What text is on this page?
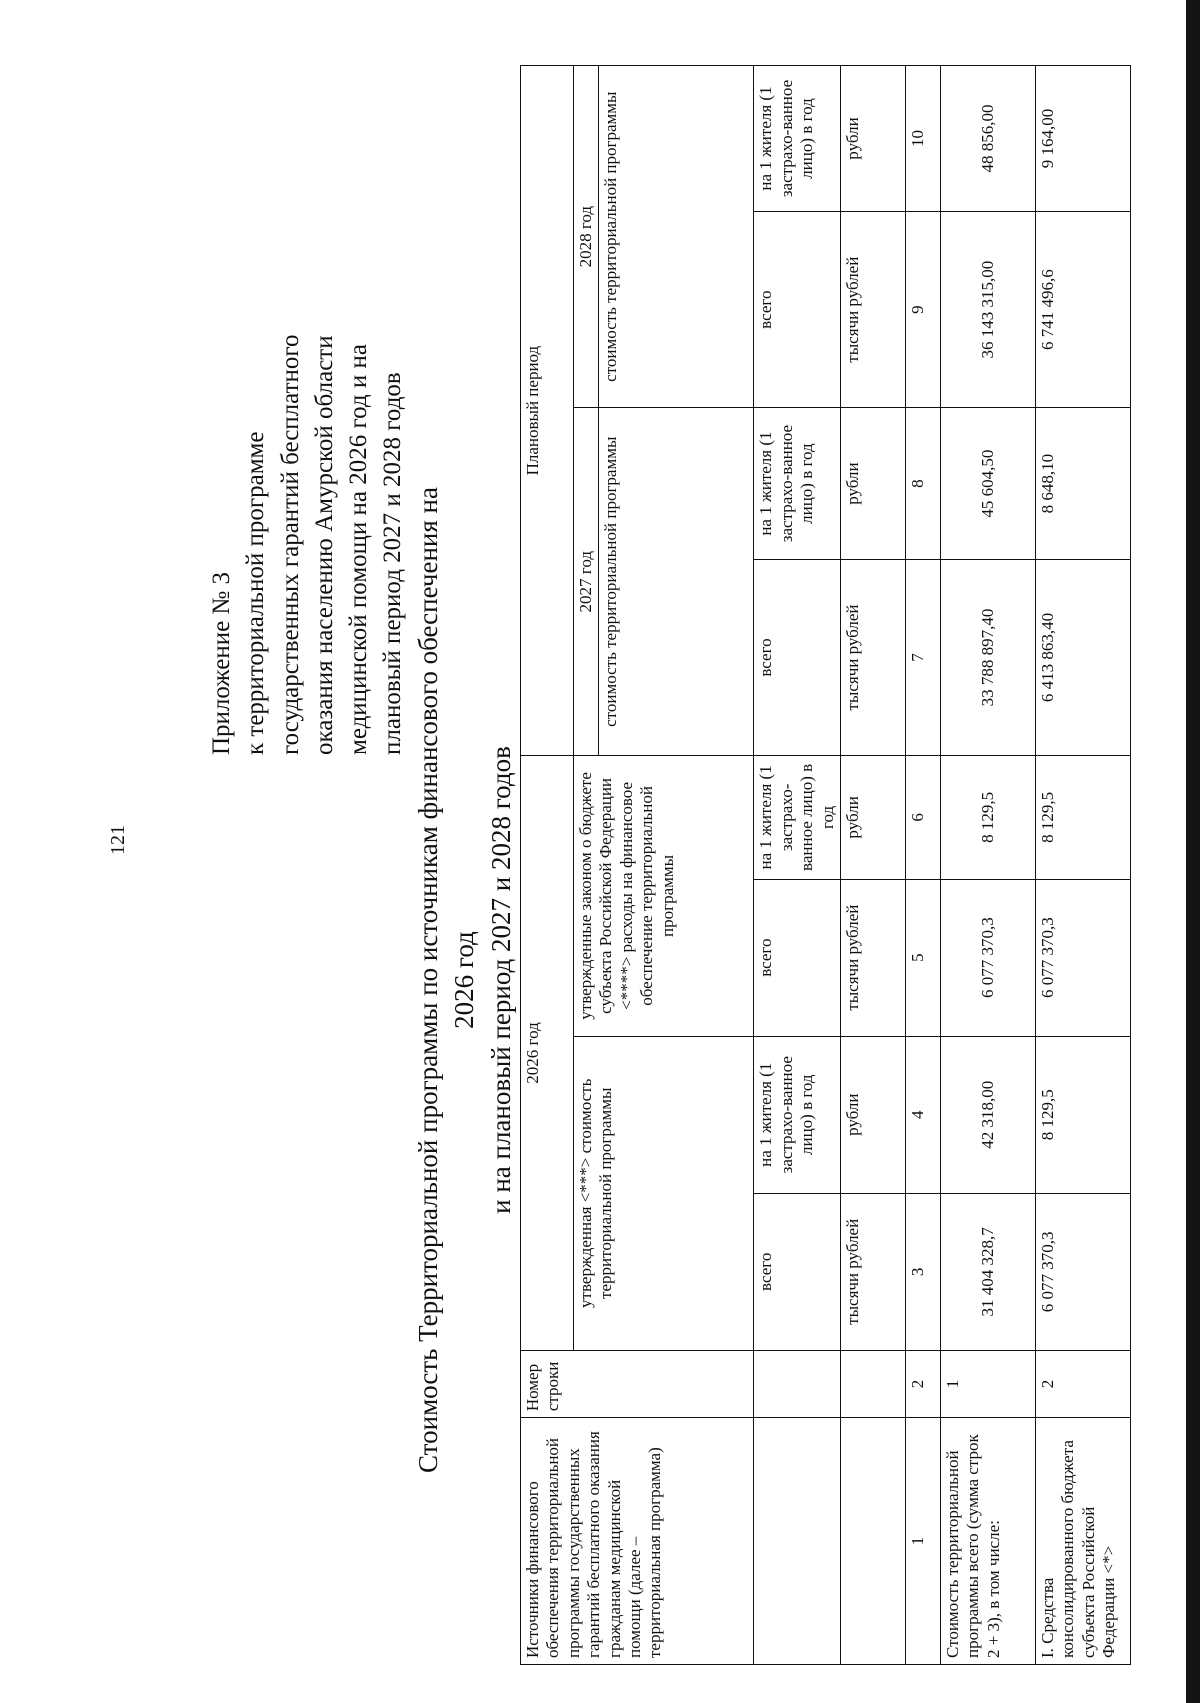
121
Приложение № 3 к территориальной программе государственных гарантий бесплатного оказания населению Амурской области медицинской помощи на 2026 год и на плановый период 2027 и 2028 годов Стоимость Территориальной программы по источникам финансового обеспечения на 2026 год и на плановый период 2027 и 2028 годов
Источники финансового обеспечения территориальной программы государственных гарантий бесплатного оказания гражданам медицинской помощи (далее – территориальная программа)	Номер строки	2026 год				Плановый период			
		утвержденная <***> стоимость территориальной программы		утвержденные законом о бюджете субъекта Российской Федерации <****> расходы на финансовое обеспечение территориальной программы		2027 год		2028 год	
						стоимость территориальной программы		стоимость территориальной программы	
		всего	на 1 жителя (1 застрахо-ванное лицо) в год	всего	на 1 жителя (1 застрахо-ванное лицо) в год	всего	на 1 жителя (1 застрахо-ванное лицо) в год	всего	на 1 жителя (1 застрахо-ванное лицо) в год
		тысячи рублей	рубли	тысячи рублей	рубли	тысячи рублей	рубли	тысячи рублей	рубли
1	2	3	4	5	6	7	8	9	10
Стоимость территориальной программы всего (сумма строк 2 + 3), в том числе:	1	31 404 328,7	42 318,00	6 077 370,3	8 129,5	33 788 897,40	45 604,50	36 143 315,00	48 856,00
I. Средства консолидированного бюджета субъекта Российской Федерации <*>	2	6 077 370,3	8 129,5	6 077 370,3	8 129,5	6 413 863,40	8 648,10	6 741 496,6	9 164,00
